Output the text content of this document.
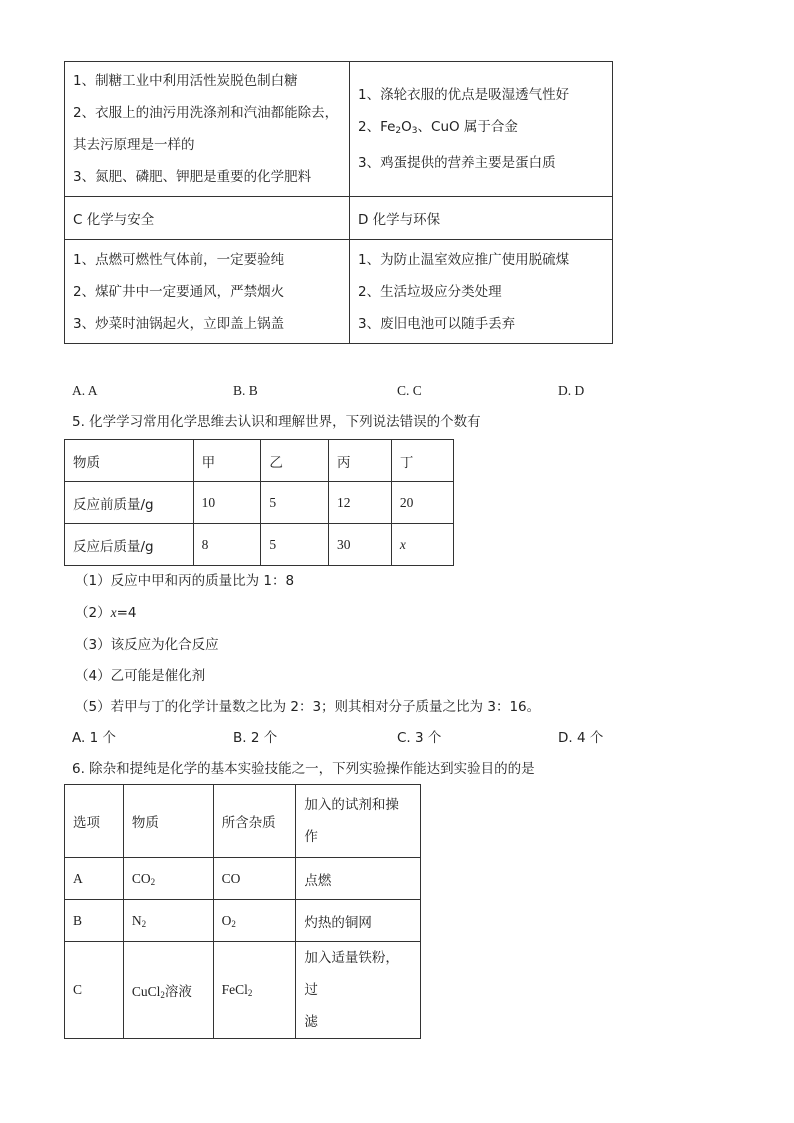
1、制糖工业中利用活性炭脱色制白糖
2、衣服上的油污用洗涤剂和汽油都能除去，
其去污原理是一样的
3、氮肥、磷肥、钾肥是重要的化学肥料	1、涤轮衣服的优点是吸湿透气性好
2、$Fe_2O_3$、CuO 属于合金
3、鸡蛋提供的营养主要是蛋白质

C 化学与安全	D 化学与环保

1、点燃可燃性气体前，一定要验纯
2、煤矿井中一定要通风，严禁烟火
3、炒菜时油锅起火，立即盖上锅盖	1、为防止温室效应推广使用脱硫煤
2、生活垃圾应分类处理
3、废旧电池可以随手丢弃
A. A	B. B	C. C	D. D
5. 化学学习常用化学思维去认识和理解世界，下列说法错误的个数有
物质	甲	乙	丙	丁
反应前质量/g	10	5	12	20
反应后质量/g	8	5	30	x
（1）反应中甲和丙的质量比为 1：8
（2）x=4
（3）该反应为化合反应
（4）乙可能是催化剂
（5）若甲与丁的化学计量数之比为 2：3；则其相对分子质量之比为 3：16。
A. 1 个	B. 2 个	C. 3 个	D. 4 个
6. 除杂和提纯是化学的基本实验技能之一，下列实验操作能达到实验目的的是
选项	物质	所含杂质	加入的试剂和操
作

A	$CO_2$	CO	点燃
B	$N_2$	$O_2$	灼热的铜网
C	CuCl$_2$溶液	FeCl$_2$	加入适量铁粉，过
滤
